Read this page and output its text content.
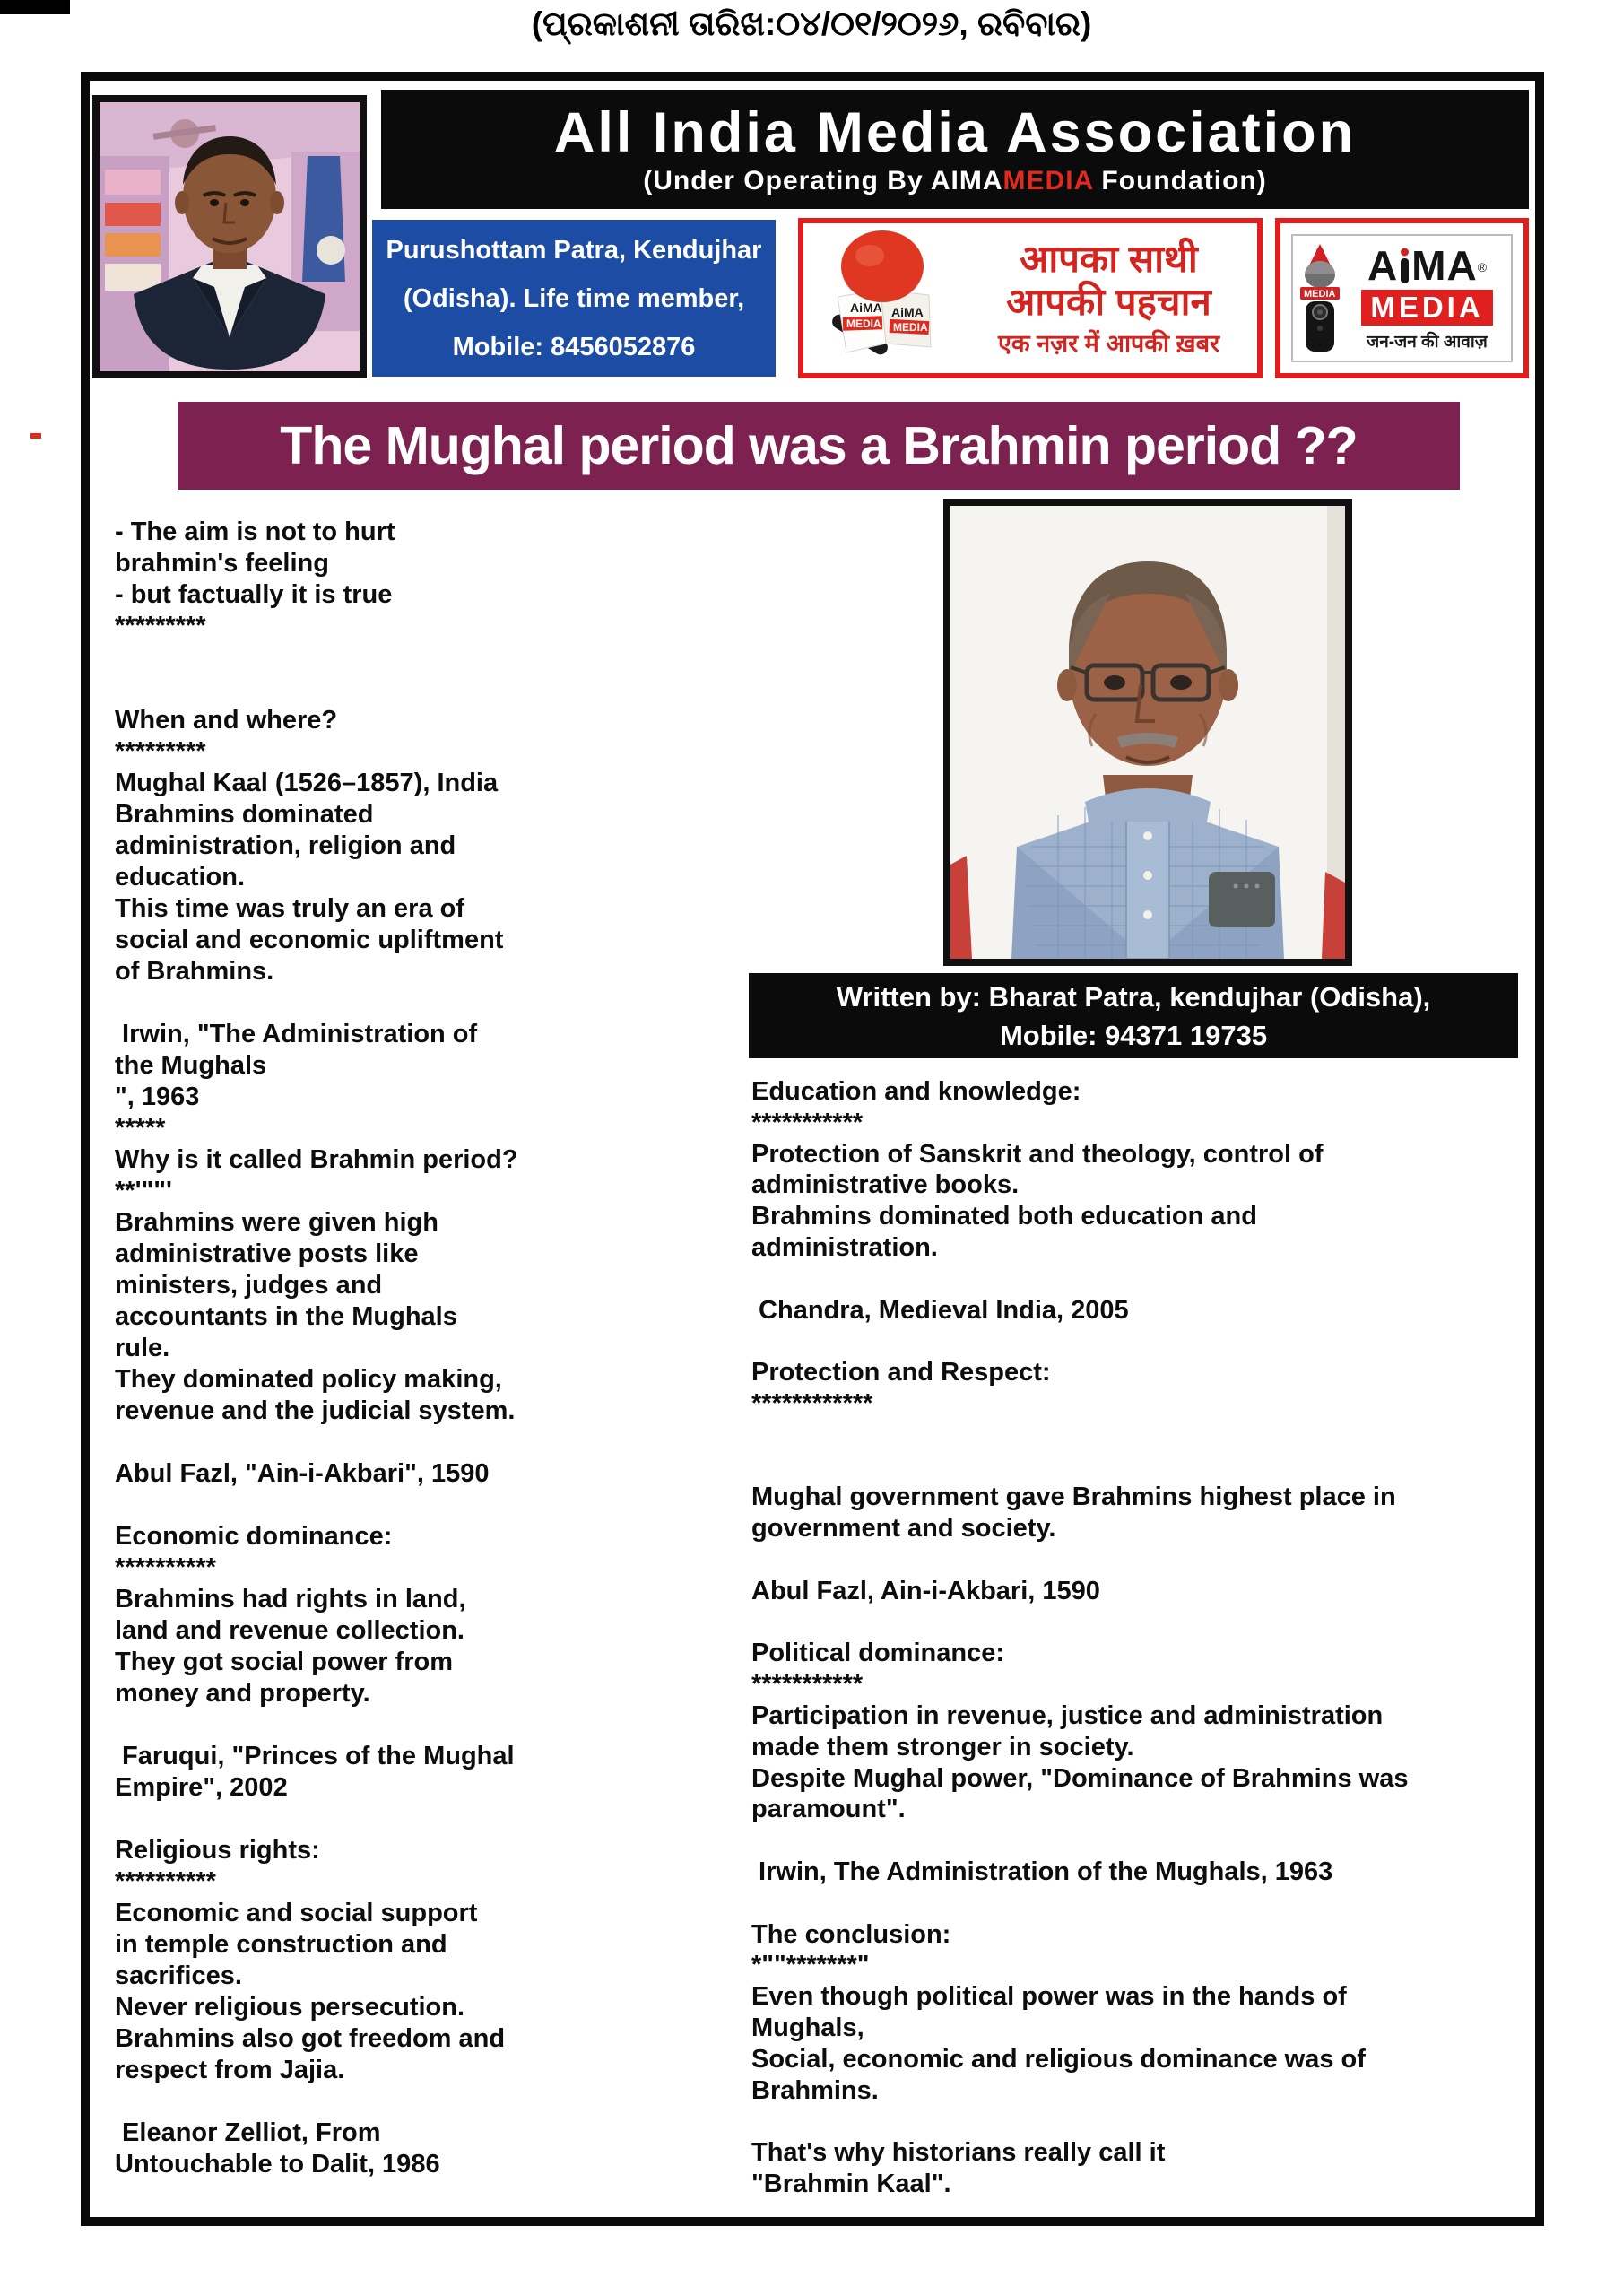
(ପ୍ରକାଶନୀ ତାରିଖ:୦୪/୦୧/୨୦୨୬, ରବିବାର)
All India Media Association
(Under Operating By AIMAMEDIA Foundation)
Purushottam Patra, Kendujhar
(Odisha). Life time member,
Mobile: 8456052876
AiMA
MEDIA
AiMA
MEDIA
आपका साथी
आपकी पहचान
एक नज़र में आपकी ख़बर
MEDIA
A MA ®
MEDIA
जन-जन की आवाज़
The Mughal period was a Brahmin period ??
- The aim is not to hurt
brahmin's feeling
- but factually it is true
*********

When and where?
*********
Mughal Kaal (1526–1857), India
Brahmins dominated
administration, religion and
education.
This time was truly an era of
social and economic upliftment
of Brahmins.

Irwin, "The Administration of
the Mughals
", 1963
*****
Why is it called Brahmin period?
**'""'
Brahmins were given high
administrative posts like
ministers, judges and
accountants in the Mughals
rule.
They dominated policy making,
revenue and the judicial system.

Abul Fazl, "Ain-i-Akbari", 1590

Economic dominance:
**********
Brahmins had rights in land,
land and revenue collection.
They got social power from
money and property.

Faruqui, "Princes of the Mughal
Empire", 2002

Religious rights:
**********
Economic and social support
in temple construction and
sacrifices.
Never religious persecution.
Brahmins also got freedom and
respect from Jajia.

Eleanor Zelliot, From
Untouchable to Dalit, 1986
Written by: Bharat Patra, kendujhar (Odisha),
Mobile: 94371 19735
Education and knowledge:
***********
Protection of Sanskrit and theology, control of
administrative books.
Brahmins dominated both education and
administration.

Chandra, Medieval India, 2005

Protection and Respect:
************

Mughal government gave Brahmins highest place in
government and society.

Abul Fazl, Ain-i-Akbari, 1590

Political dominance:
***********
Participation in revenue, justice and administration
made them stronger in society.
Despite Mughal power, "Dominance of Brahmins was
paramount".

Irwin, The Administration of the Mughals, 1963

The conclusion:
*""*******"
Even though political power was in the hands of
Mughals,
Social, economic and religious dominance was of
Brahmins.

That's why historians really call it
"Brahmin Kaal".
